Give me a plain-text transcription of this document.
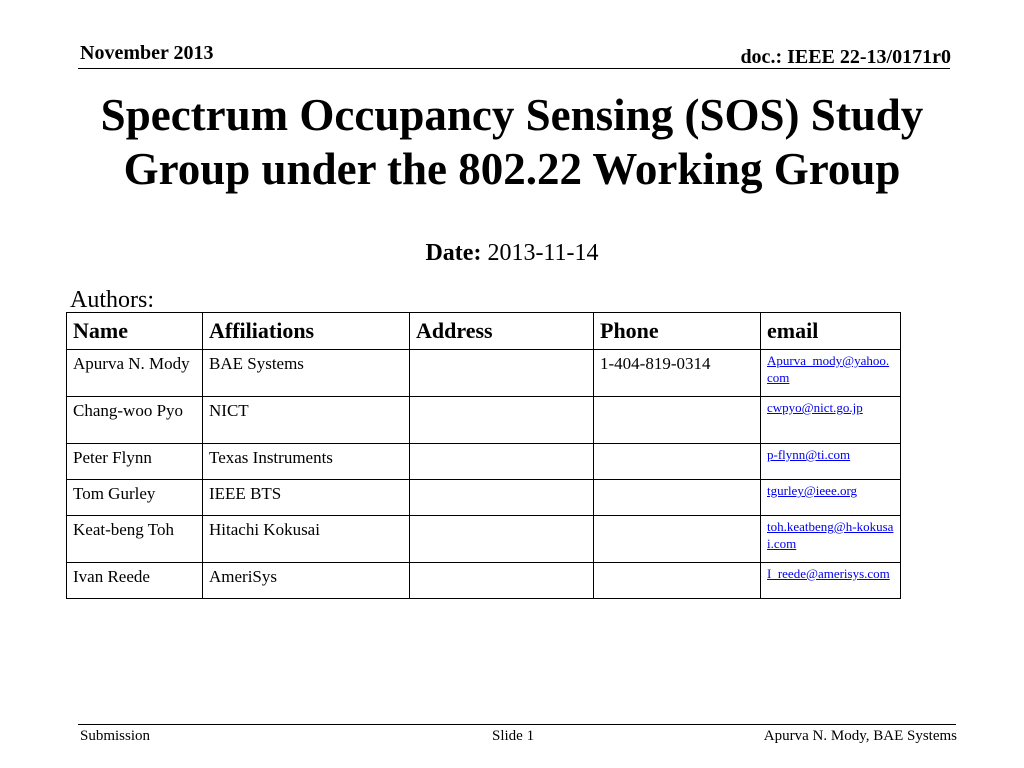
November 2013	doc.: IEEE 22-13/0171r0
Spectrum Occupancy Sensing (SOS) Study
Group under the 802.22 Working Group
Date: 2013-11-14
Authors:
Name	Affiliations	Address	Phone	email
Apurva N. Mody	BAE Systems		1-404-819-0314	Apurva_mody@yahoo.com
Chang-woo Pyo	NICT			cwpyo@nict.go.jp
Peter Flynn	Texas Instruments			p-flynn@ti.com
Tom Gurley	IEEE BTS			tgurley@ieee.org
Keat-beng Toh	Hitachi Kokusai			toh.keatbeng@h-kokusai.com
Ivan Reede	AmeriSys			I_reede@amerisys.com
Submission	Slide 1	Apurva N. Mody, BAE Systems
